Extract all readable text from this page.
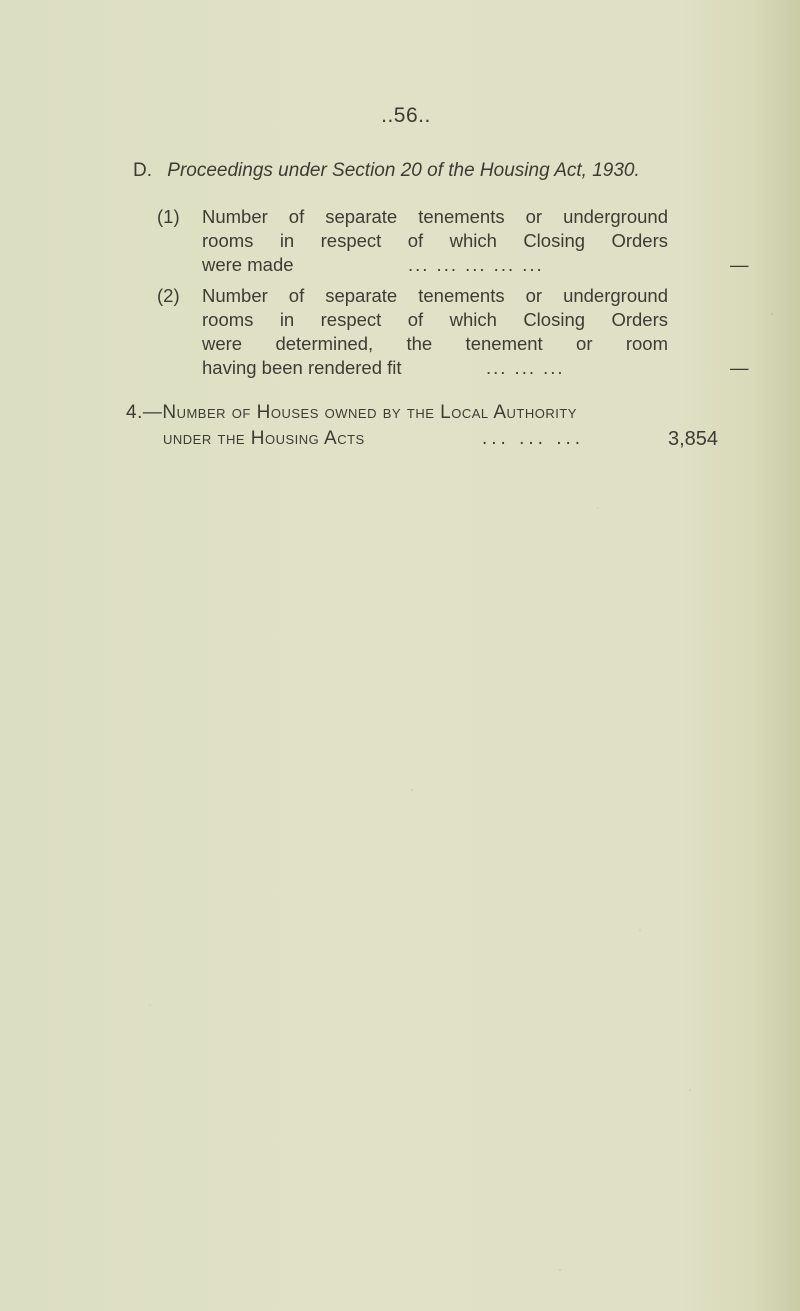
..56..
D. Proceedings under Section 20 of the Housing Act, 1930.
(1) Number of separate tenements or underground
rooms in respect of which Closing Orders
were made	... ... ... ... ...	—
(2) Number of separate tenements or underground
rooms in respect of which Closing Orders
were determined, the tenement or room
having been rendered fit	... ... ...	—
4.—Number of Houses owned by the Local Authority
under the Housing Acts	... ... ...	3,854
